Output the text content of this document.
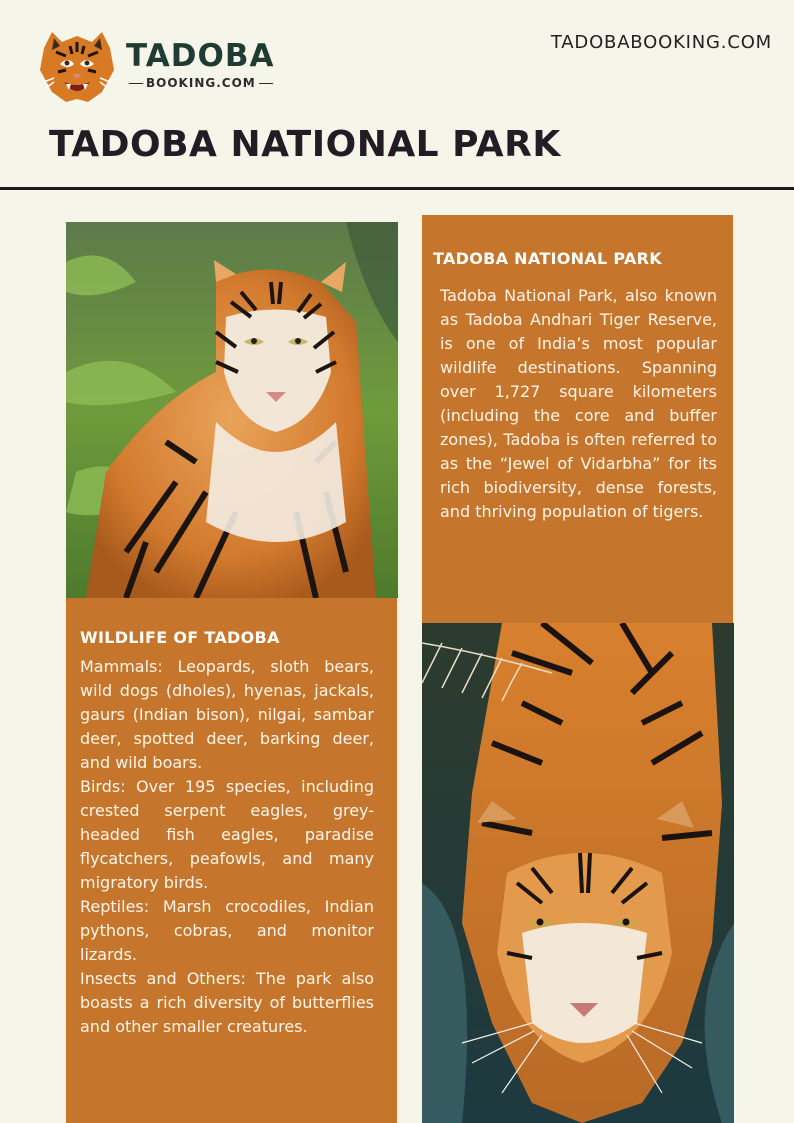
TADOBA
BOOKING.COM
TADOBABOOKING.COM
TADOBA NATIONAL PARK
TADOBA NATIONAL PARK

Tadoba National Park, also known as Tadoba Andhari Tiger Reserve, is one of India’s most popular wildlife destinations. Spanning over 1,727 square kilometers (including the core and buffer zones), Tadoba is often referred to as the “Jewel of Vidarbha” for its rich biodiversity, dense forests, and thriving population of tigers.

WILDLIFE OF TADOBA

Mammals: Leopards, sloth bears, wild dogs (dholes), hyenas, jackals, gaurs (Indian bison), nilgai, sambar deer, spotted deer, barking deer, and wild boars.

Birds: Over 195 species, including crested serpent eagles, grey-headed fish eagles, paradise flycatchers, peafowls, and many migratory birds.

Reptiles: Marsh crocodiles, Indian pythons, cobras, and monitor lizards.

Insects and Others: The park also boasts a rich diversity of butterflies and other smaller creatures.
